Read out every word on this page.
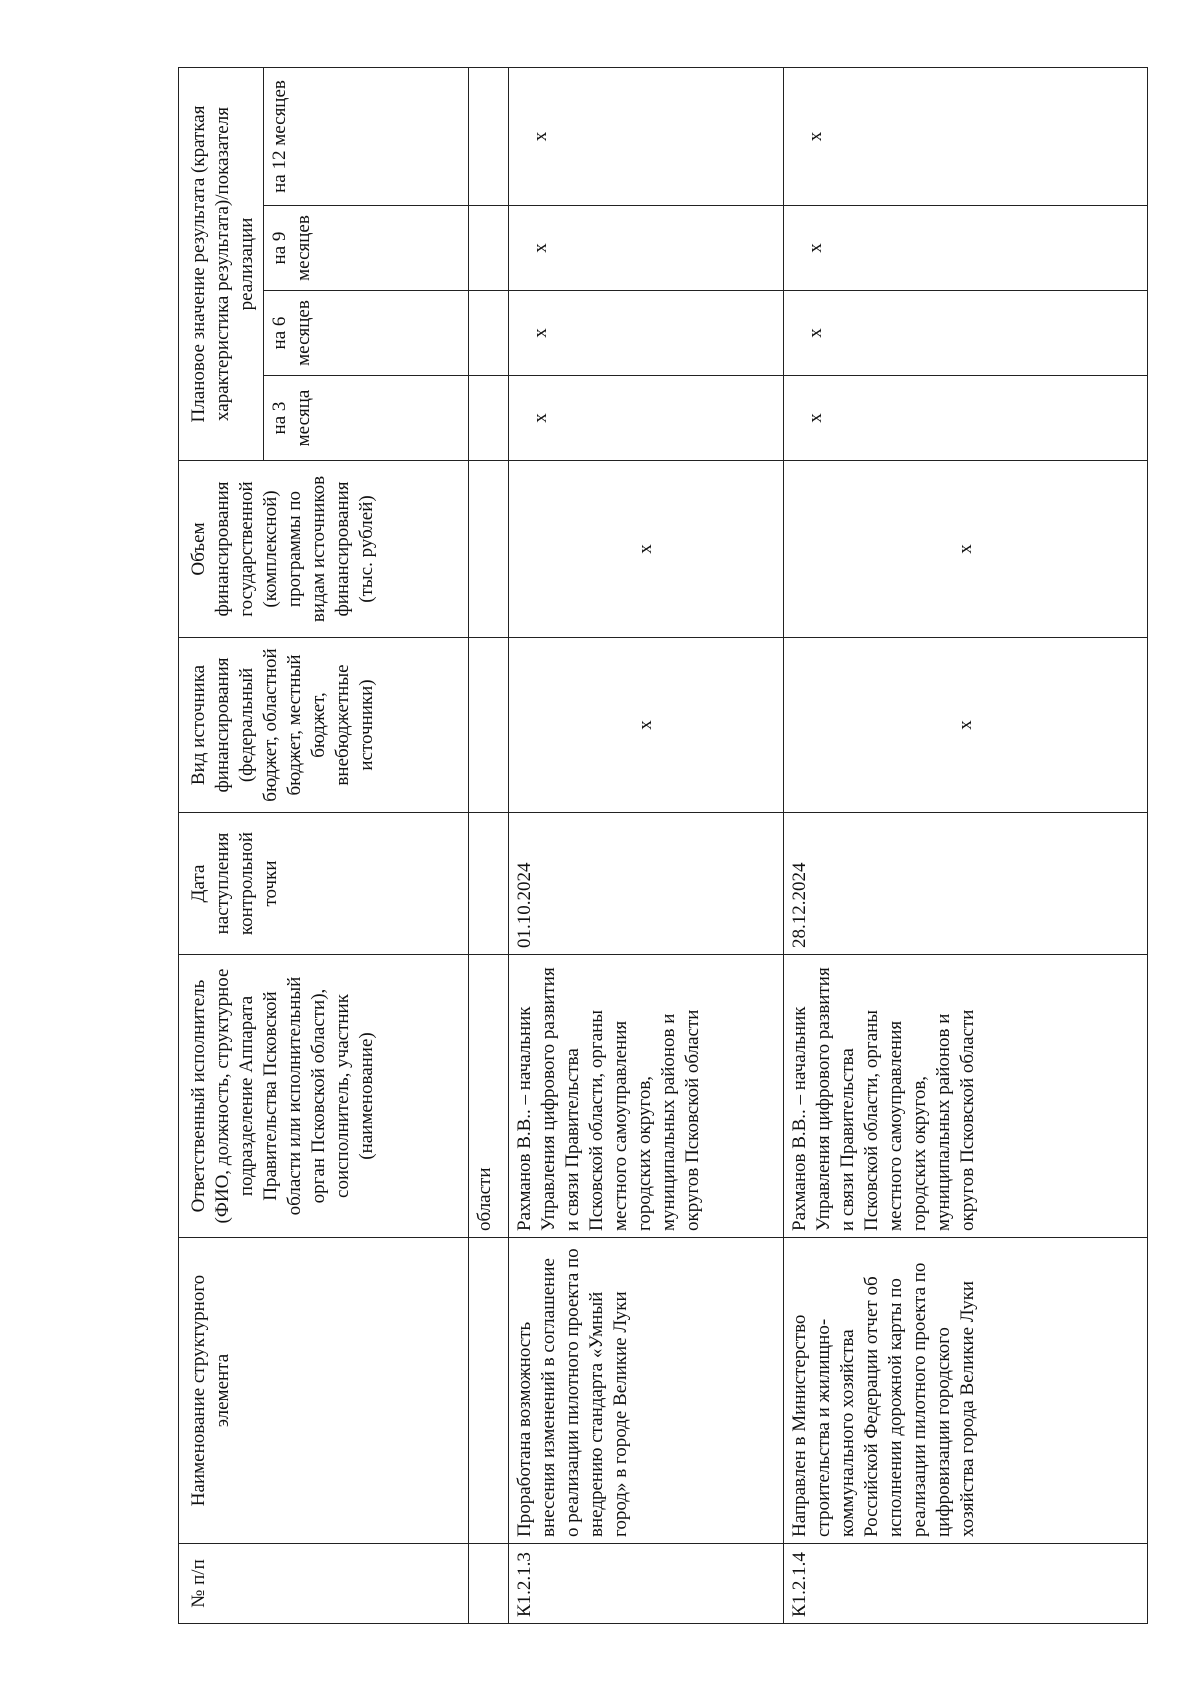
№ п/п	Наименование структурного элемента	Ответственный исполнитель (ФИО, должность, структурное подразделение Аппарата Правительства Псковской области или исполнительный орган Псковской области), соисполнитель, участник (наименование)	Дата наступления контрольной точки	Вид источника финансирования (федеральный бюджет, областной бюджет, местный бюджет, внебюджетные источники)	Объем финансирования государственной (комплексной) программы по видам источников финансирования (тыс. рублей)	Плановое значение результата (краткая характеристика результата)/показателя реализации			
						на 3 месяца	на 6 месяцев	на 9 месяцев	на 12 месяцев
		области							
К1.2.1.3	Проработана возможность внесения изменений в соглашение о реализации пилотного проекта по внедрению стандарта «Умный город» в городе Великие Луки	Рахманов В.В.. – начальник Управления цифрового развития и связи Правительства Псковской области, органы местного самоуправления городских округов, муниципальных районов и округов Псковской области	01.10.2024	х	х	х	х	х	х
К1.2.1.4	Направлен в Министерство строительства и жилищно-коммунального хозяйства Российской Федерации отчет об исполнении дорожной карты по реализации пилотного проекта по цифровизации городского хозяйства города Великие Луки	Рахманов В.В.. – начальник Управления цифрового развития и связи Правительства Псковской области, органы местного самоуправления городских округов, муниципальных районов и округов Псковской области	28.12.2024	х	х	х	х	х	х
